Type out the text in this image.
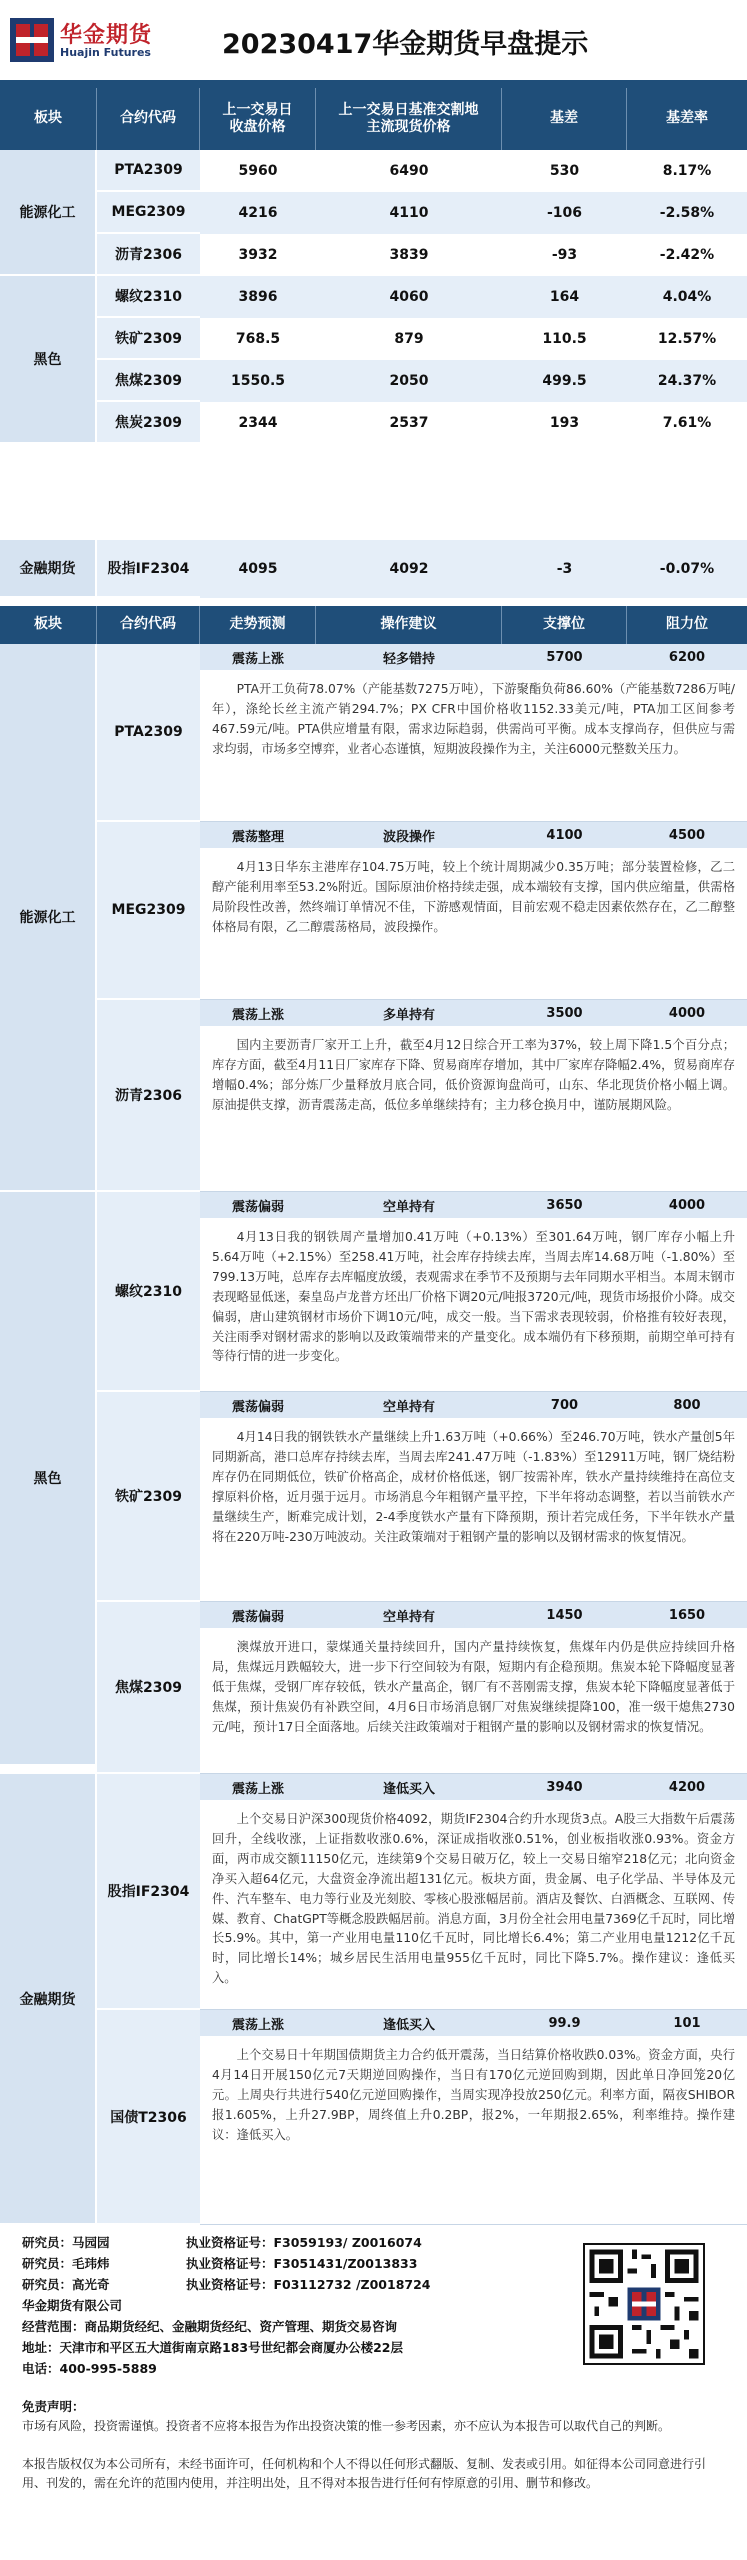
华金期货
Huajin Futures	20230417华金期货早盘提示
板块	合约代码
上一交易日
收盘价格
上一交易日基准交割地
主流现货价格
基差	基差率
能源化工
PTA2309	5960	6490	530	8.17%
MEG2309	4216	4110	-106	-2.58%
沥青2306	3932	3839	-93	-2.42%
黑色
螺纹2310	3896	4060	164	4.04%
铁矿2309	768.5	879	110.5	12.57%
焦煤2309	1550.5	2050	499.5	24.37%
焦炭2309	2344	2537	193	7.61%
金融期货	股指IF2304	4095	4092	-3	-0.07%
板块	合约代码	走势预测	操作建议	支撑位	阻力位
能源化工
PTA2309
震荡上涨	轻多错持	5700	6200
PTA开工负荷78.07%（产能基数7275万吨），下游聚酯负荷86.60%（产能基数7286万吨/年），涤纶长丝主流产销294.7%；PX CFR中国价格收1152.33美元/吨，PTA加工区间参考467.59元/吨。PTA供应增量有限，需求边际趋弱，供需尚可平衡。成本支撑尚存，但供应与需求均弱，市场多空博弈，业者心态谨慎，短期波段操作为主，关注6000元整数关压力。
MEG2309
震荡整理	波段操作	4100	4500
4月13日华东主港库存104.75万吨，较上个统计周期减少0.35万吨；部分装置检修，乙二醇产能利用率至53.2%附近。国际原油价格持续走强，成本端较有支撑，国内供应缩量，供需格局阶段性改善，然终端订单情况不佳，下游感观情面，目前宏观不稳走因素依然存在，乙二醇整体格局有限，乙二醇震荡格局，波段操作。
沥青2306
震荡上涨	多单持有	3500	4000
国内主要沥青厂家开工上升，截至4月12日综合开工率为37%，较上周下降1.5个百分点；库存方面，截至4月11日厂家库存下降、贸易商库存增加，其中厂家库存降幅2.4%，贸易商库存增幅0.4%；部分炼厂少量释放月底合同，低价资源询盘尚可，山东、华北现货价格小幅上调。原油提供支撑，沥青震荡走高，低位多单继续持有；主力移仓换月中，谨防展期风险。
黑色
螺纹2310
震荡偏弱	空单持有	3650	4000
4月13日我的钢铁周产量增加0.41万吨（+0.13%）至301.64万吨，钢厂库存小幅上升5.64万吨（+2.15%）至258.41万吨，社会库存持续去库，当周去库14.68万吨（-1.80%）至799.13万吨，总库存去库幅度放缓，表观需求在季节不及预期与去年同期水平相当。本周末钢市表现略显低迷，秦皇岛卢龙普方坯出厂价格下调20元/吨报3720元/吨，现货市场报价小降。成交偏弱，唐山建筑钢材市场价下调10元/吨，成交一般。当下需求表现较弱，价格推有较好表现，关注雨季对钢材需求的影响以及政策端带来的产量变化。成本端仍有下移预期，前期空单可持有等待行情的进一步变化。
铁矿2309
震荡偏弱	空单持有	700	800
4月14日我的钢铁铁水产量继续上升1.63万吨（+0.66%）至246.70万吨，铁水产量创5年同期新高，港口总库存持续去库，当周去库241.47万吨（-1.83%）至12911万吨，钢厂烧结粉库存仍在同期低位，铁矿价格高企，成材价格低迷，钢厂按需补库，铁水产量持续维持在高位支撑原料价格，近月强于远月。市场消息今年粗钢产量平控，下半年将动态调整，若以当前铁水产量继续生产，断难完成计划，2-4季度铁水产量有下降预期，预计若完成任务，下半年铁水产量将在220万吨-230万吨波动。关注政策端对于粗钢产量的影响以及钢材需求的恢复情况。
焦煤2309
震荡偏弱	空单持有	1450	1650
澳煤放开进口，蒙煤通关量持续回升，国内产量持续恢复，焦煤年内仍是供应持续回升格局，焦煤远月跌幅较大，进一步下行空间较为有限，短期内有企稳预期。焦炭本轮下降幅度显著低于焦煤，受钢厂库存较低，铁水产量高企，钢厂有不菩刚需支撑，焦炭本轮下降幅度显著低于焦煤，预计焦炭仍有补跌空间，4月6日市场消息钢厂对焦炭继续提降100，准一级干熄焦2730元/吨，预计17日全面落地。后续关注政策端对于粗钢产量的影响以及钢材需求的恢复情况。
金融期货
股指IF2304
震荡上涨	逢低买入	3940	4200
上个交易日沪深300现货价格4092，期货IF2304合约升水现货3点。A股三大指数午后震荡回升，全线收涨，上证指数收涨0.6%，深证成指收涨0.51%，创业板指收涨0.93%。资金方面，两市成交额11150亿元，连续第9个交易日破万亿，较上一交易日缩窄218亿元；北向资金净买入超64亿元，大盘资金净流出超131亿元。板块方面，贵金属、电子化学品、半导体及元件、汽车整车、电力等行业及光刻胶、零核心股涨幅居前。酒店及餐饮、白酒概念、互联网、传媒、教育、ChatGPT等概念股跌幅居前。消息方面，3月份全社会用电量7369亿千瓦时，同比增长5.9%。其中，第一产业用电量110亿千瓦时，同比增长6.4%；第二产业用电量1212亿千瓦时，同比增长14%；城乡居民生活用电量955亿千瓦时，同比下降5.7%。操作建议：逢低买入。
国债T2306
震荡上涨	逢低买入	99.9	101
上个交易日十年期国债期货主力合约低开震荡，当日结算价格收跌0.03%。资金方面，央行4月14日开展150亿元7天期逆回购操作，当日有170亿元逆回购到期，因此单日净回笼20亿元。上周央行共进行540亿元逆回购操作，当周实现净投放250亿元。利率方面，隔夜SHIBOR报1.605%，上升27.9BP，周终值上升0.2BP，报2%，一年期报2.65%，利率维持。操作建议：逢低买入。
研究员：马园园	执业资格证号：F3059193/ Z0016074
研究员：毛玮炜	执业资格证号：F3051431/Z0013833
研究员：高光奇	执业资格证号：F03112732 /Z0018724
华金期货有限公司
经营范围：商品期货经纪、金融期货经纪、资产管理、期货交易咨询
地址：天津市和平区五大道街南京路183号世纪都会商厦办公楼22层
电话：400-995-5889
免责声明：
市场有风险，投资需谨慎。投资者不应将本报告为作出投资决策的惟一参考因素，亦不应认为本报告可以取代自己的判断。
本报告版权仅为本公司所有，未经书面许可，任何机构和个人不得以任何形式翻版、复制、发表或引用。如征得本公司同意进行引用、刊发的，需在允许的范围内使用，并注明出处，且不得对本报告进行任何有悖原意的引用、删节和修改。
